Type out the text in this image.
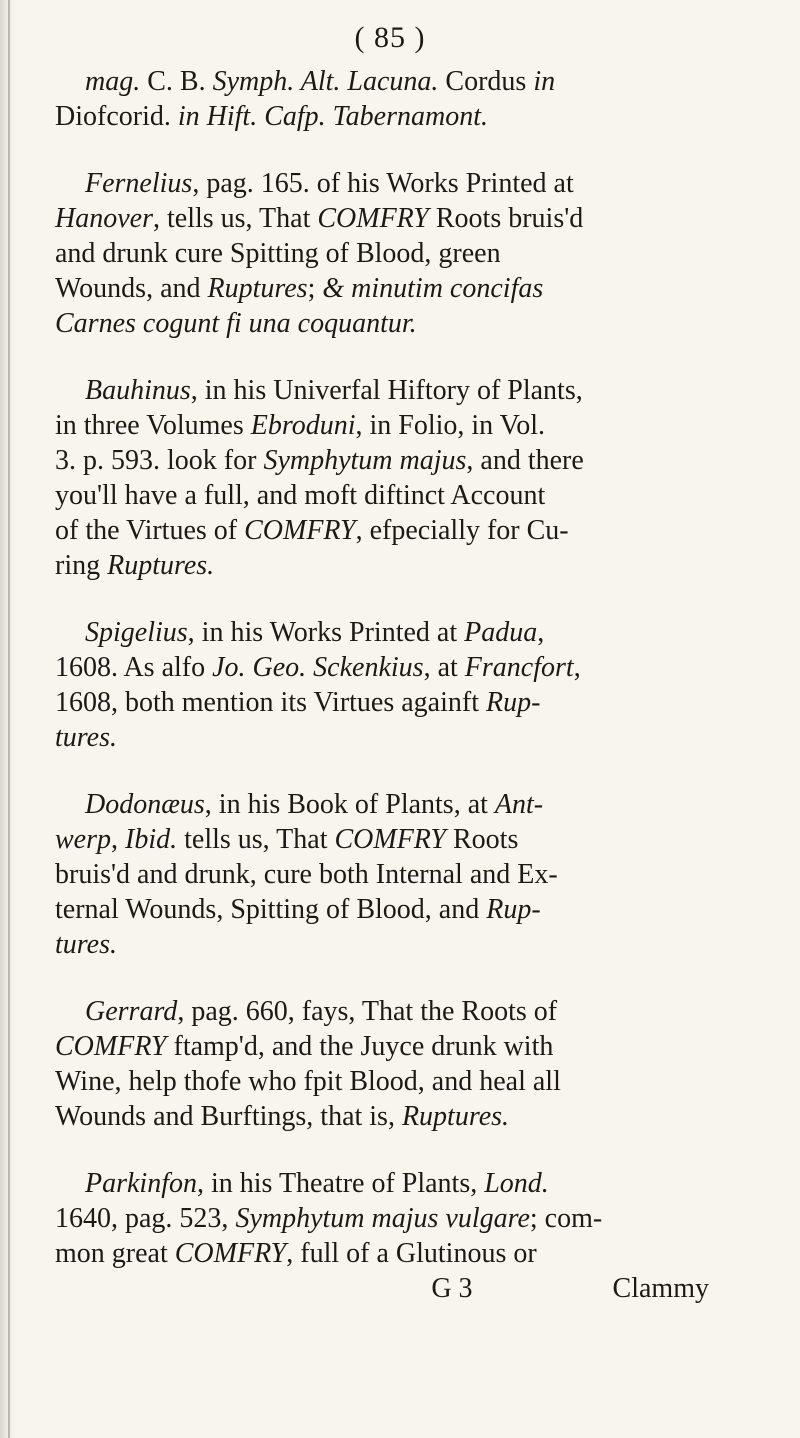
( 85 )

mag. C. B. Symph. Alt. Lacuna. Cordus in
Diofcorid. in Hift. Cafp. Tabernamont.

Fernelius, pag. 165. of his Works Printed at
Hanover, tells us, That COMFRY Roots bruis'd
and drunk cure Spitting of Blood, green
Wounds, and Ruptures; & minutim concifas
Carnes cogunt fi una coquantur.

Bauhinus, in his Univerfal Hiftory of Plants,
in three Volumes Ebroduni, in Folio, in Vol.
3. p. 593. look for Symphytum majus, and there
you'll have a full, and moft diftinct Account
of the Virtues of COMFRY, efpecially for Cu-
ring Ruptures.

Spigelius, in his Works Printed at Padua,
1608. As alfo Jo. Geo. Sckenkius, at Francfort,
1608, both mention its Virtues againft Rup-
tures.

Dodonæus, in his Book of Plants, at Ant-
werp, Ibid. tells us, That COMFRY Roots
bruis'd and drunk, cure both Internal and Ex-
ternal Wounds, Spitting of Blood, and Rup-
tures.

Gerrard, pag. 660, fays, That the Roots of
COMFRY ftamp'd, and the Juyce drunk with
Wine, help thofe who fpit Blood, and heal all
Wounds and Burftings, that is, Ruptures.

Parkinfon, in his Theatre of Plants, Lond.
1640, pag. 523, Symphytum majus vulgare; com-
mon great COMFRY, full of a Glutinous or

G 3	Clammy
